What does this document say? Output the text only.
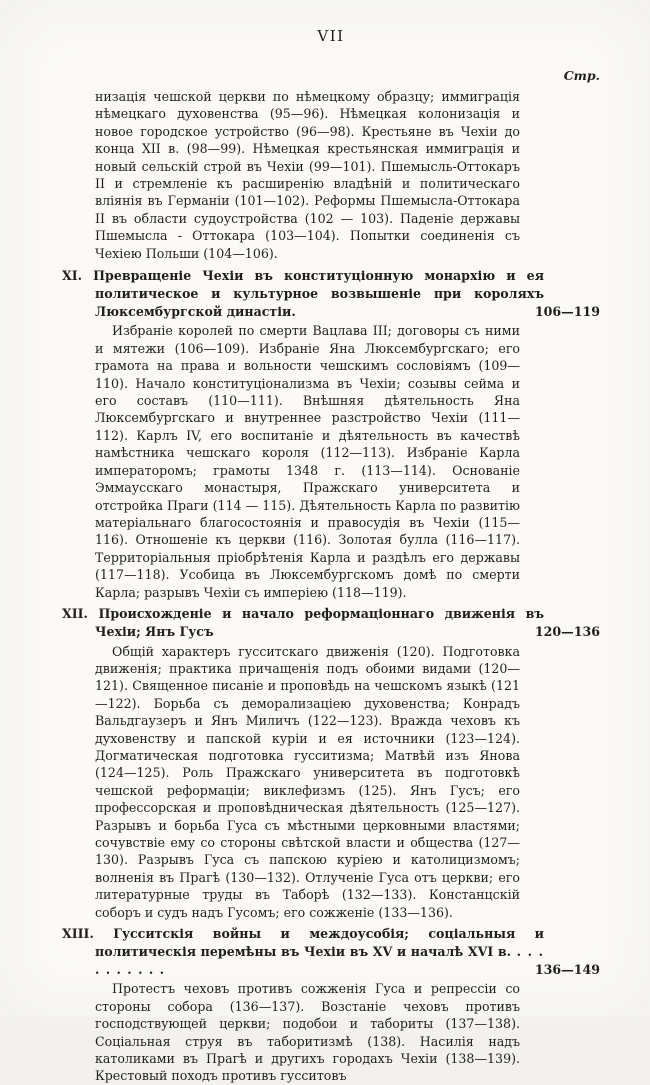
VII
Стр.

низація чешской церкви по нѣмецкому образцу; иммиграція нѣмецкаго духовенства (95—96). Нѣмецкая колонизація и новое городское устройство (96—98). Крестьяне въ Чехіи до конца XII в. (98—99). Нѣмецкая крестьянская иммиграція и новый сельскій строй въ Чехіи (99—101). Пшемысль-Оттокаръ II и стремленіе къ расширенію владѣній и политическаго вліянія въ Германіи (101—102). Реформы Пшемысла-Оттокара II въ области судоустройства (102 — 103). Паденіе державы Пшемысла - Оттокара (103—104). Попытки соединенія съ Чехіею Польши (104—106).

XI. Превращеніе Чехіи въ конституціонную монархію и ея политическое и культурное возвышеніе при короляхъ Люксембургской династіи.	106—119

Избраніе королей по смерти Вацлава III; договоры съ ними и мятежи (106—109). Избраніе Яна Люксембургскаго; его грамота на права и вольности чешскимъ сословіямъ (109—110). Начало конституціонализма въ Чехіи; созывы сейма и его составъ (110—111). Внѣшняя дѣятельность Яна Люксембургскаго и внутреннее разстройство Чехіи (111—112). Карлъ IV, его воспитаніе и дѣятельность въ качествѣ намѣстника чешскаго короля (112—113). Избраніе Карла императоромъ; грамоты 1348 г. (113—114). Основаніе Эммаусскаго монастыря, Пражскаго университета и отстройка Праги (114 — 115). Дѣятельность Карла по развитію матеріальнаго благосостоянія и правосудія въ Чехіи (115—116). Отношеніе къ церкви (116). Золотая булла (116—117). Территоріальныя пріобрѣтенія Карла и раздѣлъ его державы (117—118). Усобица въ Люксембургскомъ домѣ по смерти Карла; разрывъ Чехіи съ имперіею (118—119).

XII. Происхожденіе и начало реформаціоннаго движенія въ Чехіи; Янъ Гусъ	120—136

Общій характеръ гусситскаго движенія (120). Подготовка движенія; практика причащенія подъ обоими видами (120—121). Священное писаніе и проповѣдь на чешскомъ языкѣ (121—122). Борьба съ деморализаціею духовенства; Конрадъ Вальдгаузеръ и Янъ Миличъ (122—123). Вражда чеховъ къ духовенству и папской куріи и ея источники (123—124). Догматическая подготовка гусситизма; Матвѣй изъ Янова (124—125). Роль Пражскаго университета въ подготовкѣ чешской реформаціи; виклефизмъ (125). Янъ Гусъ; его профессорская и проповѣдническая дѣятельность (125—127). Разрывъ и борьба Гуса съ мѣстными церковными властями; сочувствіе ему со стороны свѣтской власти и общества (127—130). Разрывъ Гуса съ папскою куріею и католицизмомъ; волненія въ Прагѣ (130—132). Отлученіе Гуса отъ церкви; его литературные труды въ Таборѣ (132—133). Констанцскій соборъ и судъ надъ Гусомъ; его сожженіе (133—136).

XIII. Гусситскія войны и междоусобія; соціальныя и политическія перемѣны въ Чехіи въ XV и началѣ XVI в. . . . . . . . . . .	136—149

Протестъ чеховъ противъ сожженія Гуса и репрессіи со стороны собора (136—137). Возстаніе чеховъ противъ господствующей церкви; подобои и табориты (137—138). Соціальная струя въ таборитизмѣ (138). Насилія надъ католиками въ Прагѣ и другихъ городахъ Чехіи (138—139). Крестовый походъ противъ гусситовъ
